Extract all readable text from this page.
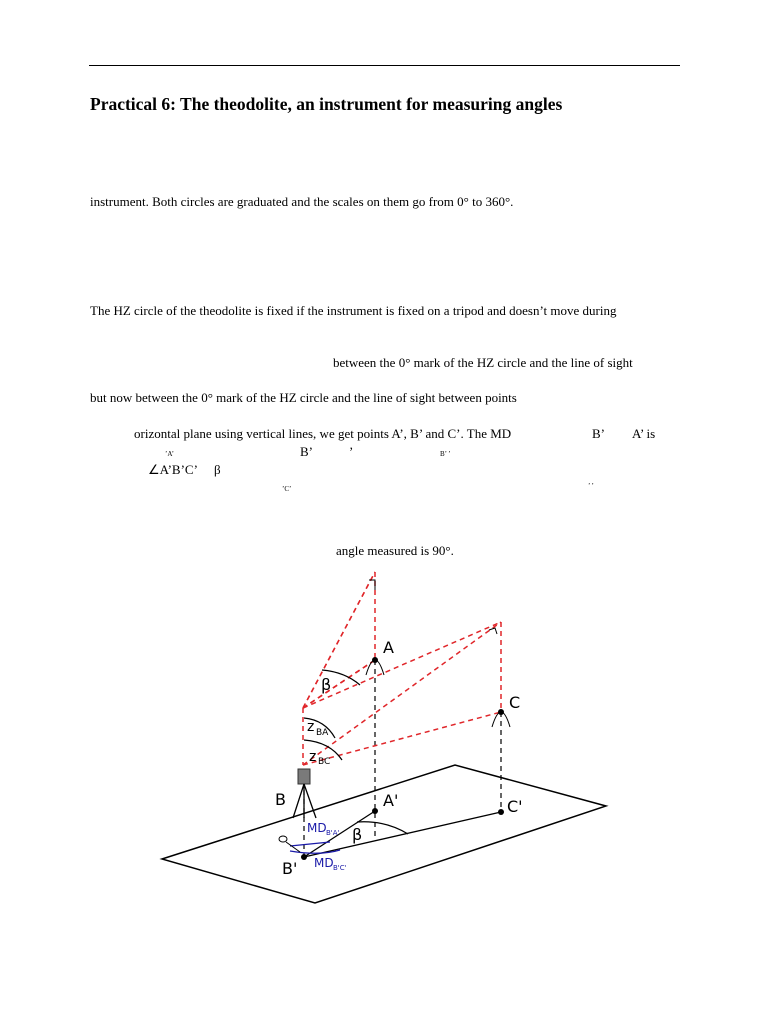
Practical 6: The theodolite, an instrument for measuring angles
instrument. Both circles are graduated and the scales on them go from 0° to 360°.
The HZ circle of the theodolite is fixed if the instrument is fixed on a tripod and doesn’t move during
between the 0° mark of the HZ circle and the line of sight
but now between the 0° mark of the HZ circle and the line of sight between points
orizontal plane using vertical lines, we get points A’, B’ and C’. The MD	B’ A’ is
’A’	B’	’	B’ ’
∠A’B’C’ β
’C’	’ ’
angle measured is 90°.
A
C
B	A'	C'
B'
β
β
z BA
z BC
MD B'A'
MD B'C'
